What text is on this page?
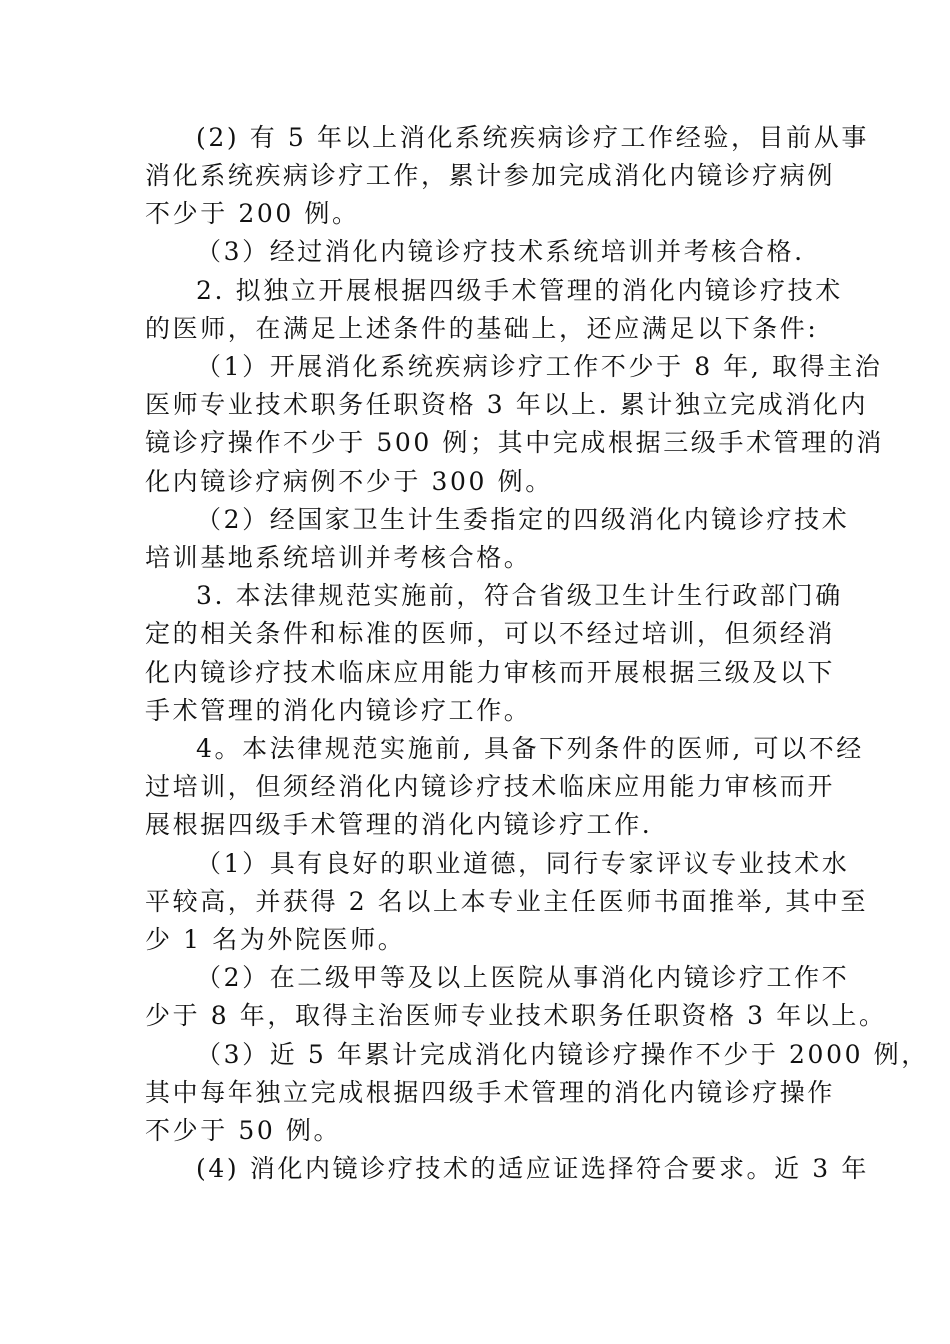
(2) 有 5 年以上消化系统疾病诊疗工作经验，目前从事
消化系统疾病诊疗工作，累计参加完成消化内镜诊疗病例
不少于 200 例。
（3）经过消化内镜诊疗技术系统培训并考核合格.
2. 拟独立开展根据四级手术管理的消化内镜诊疗技术
的医师，在满足上述条件的基础上，还应满足以下条件:
（1）开展消化系统疾病诊疗工作不少于 8 年, 取得主治
医师专业技术职务任职资格 3 年以上. 累计独立完成消化内
镜诊疗操作不少于 500 例；其中完成根据三级手术管理的消
化内镜诊疗病例不少于 300 例。
（2）经国家卫生计生委指定的四级消化内镜诊疗技术
培训基地系统培训并考核合格。
3. 本法律规范实施前，符合省级卫生计生行政部门确
定的相关条件和标准的医师，可以不经过培训，但须经消
化内镜诊疗技术临床应用能力审核而开展根据三级及以下
手术管理的消化内镜诊疗工作。
4。本法律规范实施前, 具备下列条件的医师, 可以不经
过培训，但须经消化内镜诊疗技术临床应用能力审核而开
展根据四级手术管理的消化内镜诊疗工作.
（1）具有良好的职业道德，同行专家评议专业技术水
平较高，并获得 2 名以上本专业主任医师书面推举, 其中至
少 1 名为外院医师。
（2）在二级甲等及以上医院从事消化内镜诊疗工作不
少于 8 年，取得主治医师专业技术职务任职资格 3 年以上。
（3）近 5 年累计完成消化内镜诊疗操作不少于 2000 例，
其中每年独立完成根据四级手术管理的消化内镜诊疗操作
不少于 50 例。
(4) 消化内镜诊疗技术的适应证选择符合要求。近 3 年
